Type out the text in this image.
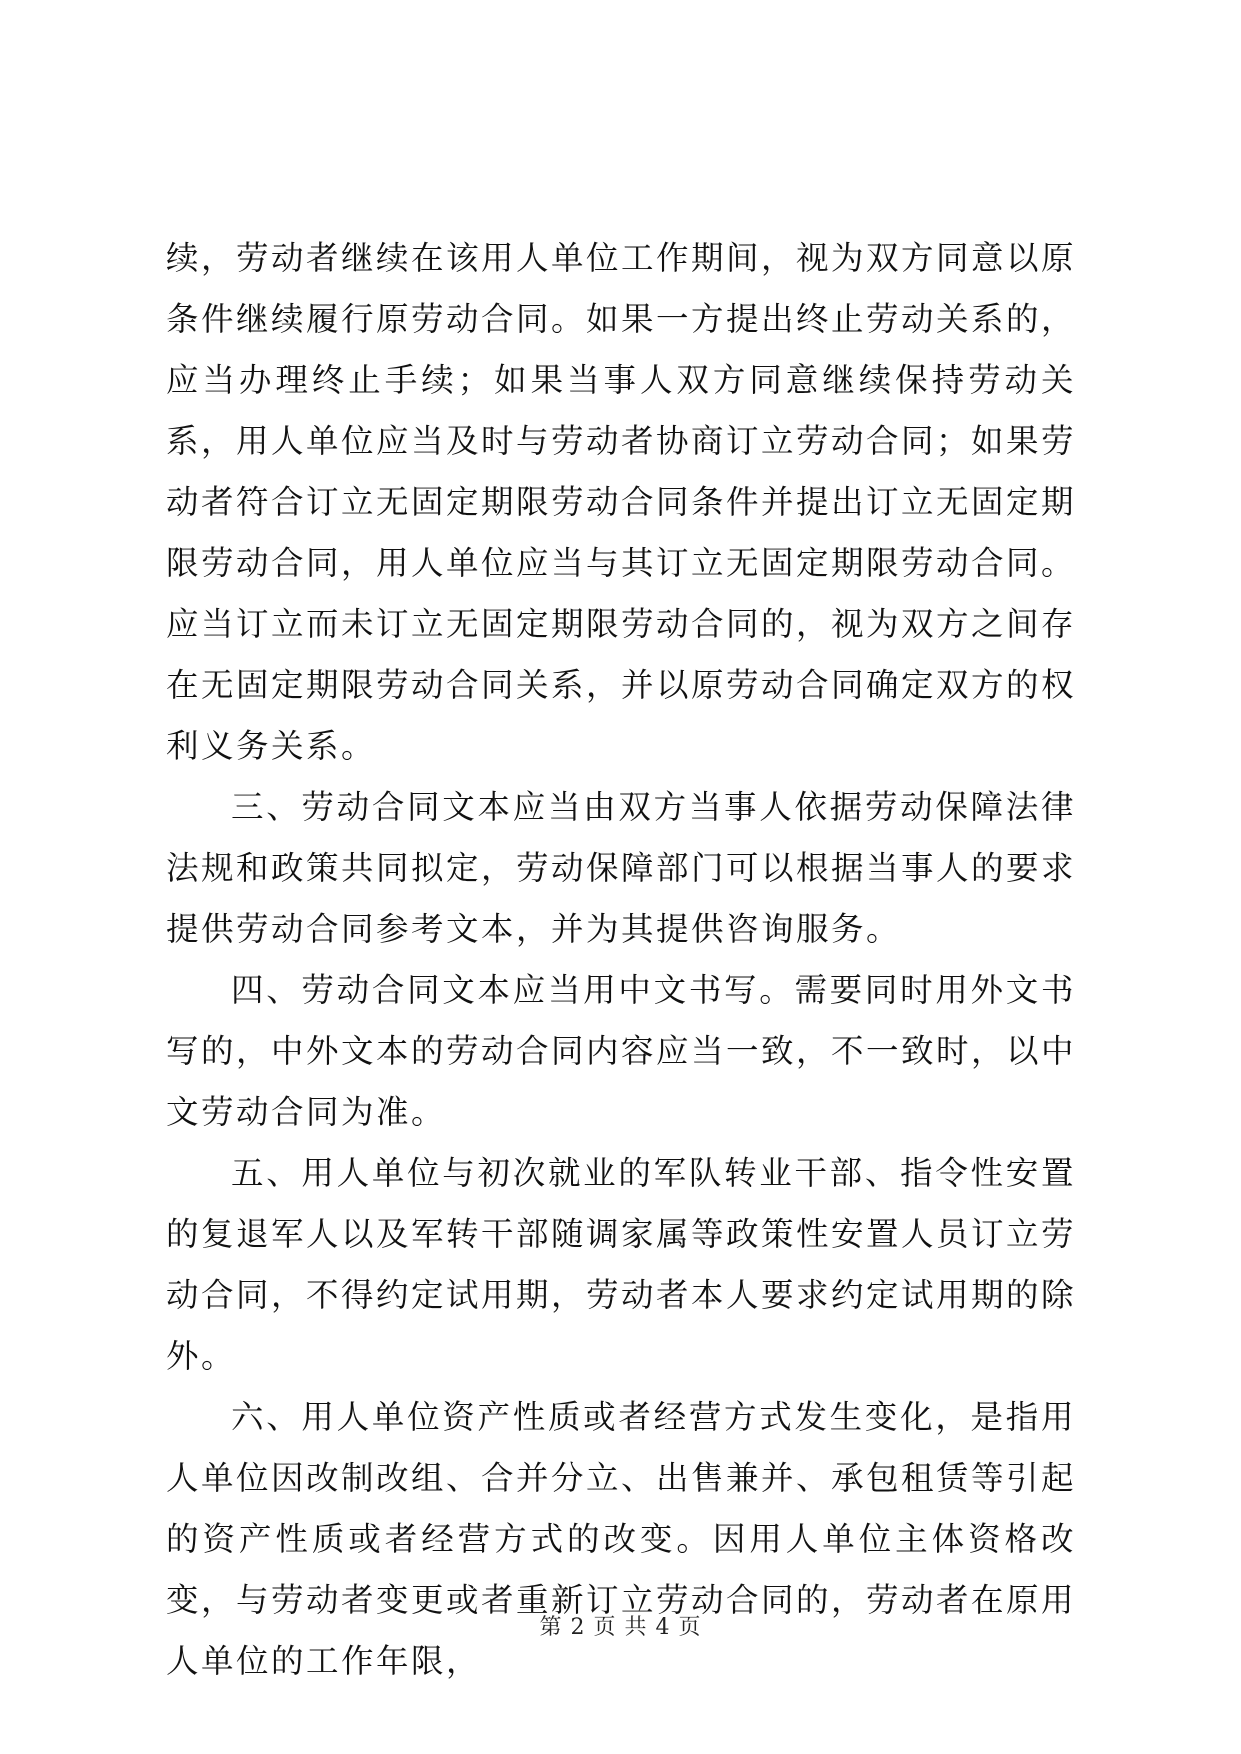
续，劳动者继续在该用人单位工作期间，视为双方同意以原条件继续履行原劳动合同。如果一方提出终止劳动关系的，应当办理终止手续；如果当事人双方同意继续保持劳动关系，用人单位应当及时与劳动者协商订立劳动合同；如果劳动者符合订立无固定期限劳动合同条件并提出订立无固定期限劳动合同，用人单位应当与其订立无固定期限劳动合同。应当订立而未订立无固定期限劳动合同的，视为双方之间存在无固定期限劳动合同关系，并以原劳动合同确定双方的权利义务关系。

三、劳动合同文本应当由双方当事人依据劳动保障法律法规和政策共同拟定，劳动保障部门可以根据当事人的要求提供劳动合同参考文本，并为其提供咨询服务。

四、劳动合同文本应当用中文书写。需要同时用外文书写的，中外文本的劳动合同内容应当一致，不一致时，以中文劳动合同为准。

五、用人单位与初次就业的军队转业干部、指令性安置的复退军人以及军转干部随调家属等政策性安置人员订立劳动合同，不得约定试用期，劳动者本人要求约定试用期的除外。

六、用人单位资产性质或者经营方式发生变化，是指用人单位因改制改组、合并分立、出售兼并、承包租赁等引起的资产性质或者经营方式的改变。因用人单位主体资格改变，与劳动者变更或者重新订立劳动合同的，劳动者在原用人单位的工作年限，

第 2 页 共 4 页
